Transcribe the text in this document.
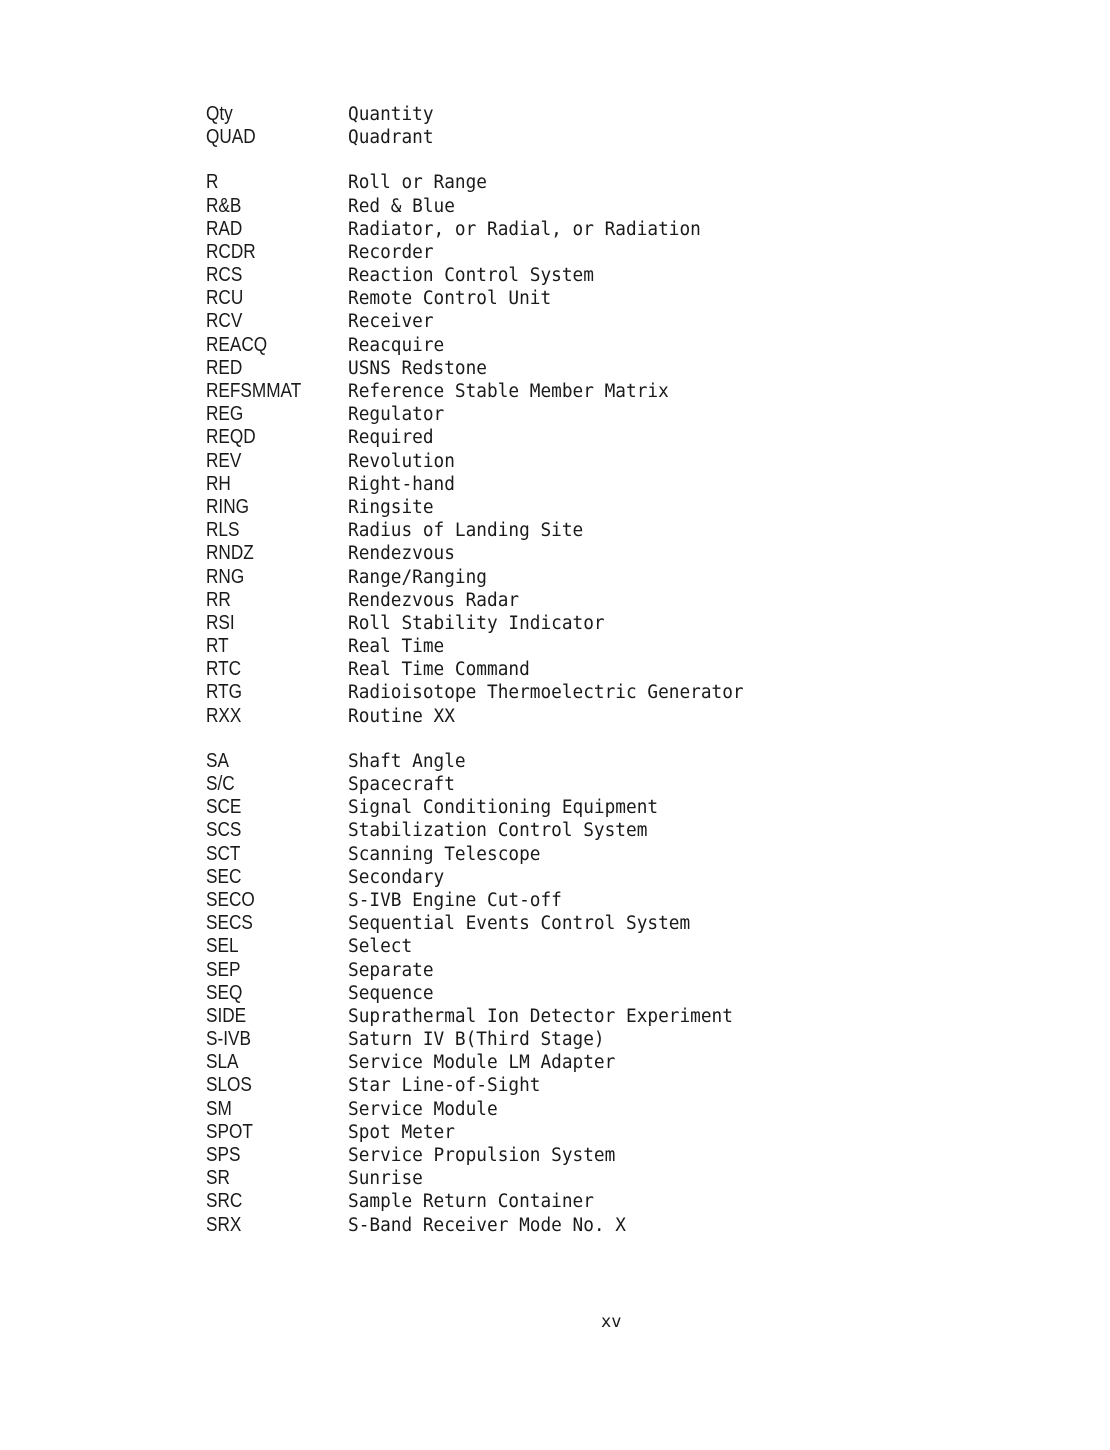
Qty	Quantity
QUAD	Quadrant
R	Roll or Range
R&B	Red & Blue
RAD	Radiator, or Radial, or Radiation
RCDR	Recorder
RCS	Reaction Control System
RCU	Remote Control Unit
RCV	Receiver
REACQ	Reacquire
RED	USNS Redstone
REFSMMAT	Reference Stable Member Matrix
REG	Regulator
REQD	Required
REV	Revolution
RH	Right-hand
RING	Ringsite
RLS	Radius of Landing Site
RNDZ	Rendezvous
RNG	Range/Ranging
RR	Rendezvous Radar
RSI	Roll Stability Indicator
RT	Real Time
RTC	Real Time Command
RTG	Radioisotope Thermoelectric Generator
RXX	Routine XX
SA	Shaft Angle
S/C	Spacecraft
SCE	Signal Conditioning Equipment
SCS	Stabilization Control System
SCT	Scanning Telescope
SEC	Secondary
SECO	S-IVB Engine Cut-off
SECS	Sequential Events Control System
SEL	Select
SEP	Separate
SEQ	Sequence
SIDE	Suprathermal Ion Detector Experiment
S-IVB	Saturn IV B(Third Stage)
SLA	Service Module LM Adapter
SLOS	Star Line-of-Sight
SM	Service Module
SPOT	Spot Meter
SPS	Service Propulsion System
SR	Sunrise
SRC	Sample Return Container
SRX	S-Band Receiver Mode No. X
xv
